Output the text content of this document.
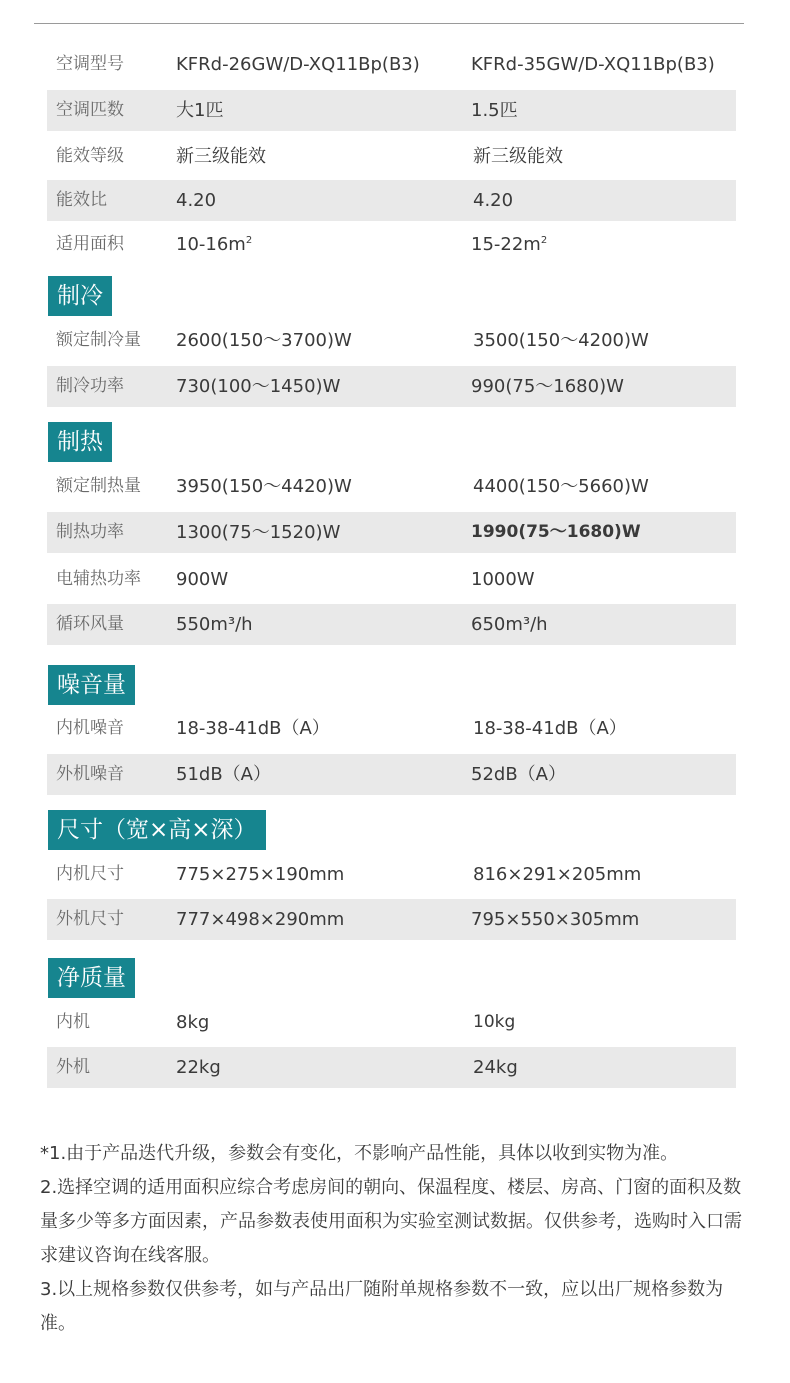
空调型号	KFRd-26GW/D-XQ11Bp(B3)	KFRd-35GW/D-XQ11Bp(B3)
空调匹数	大1匹	1.5匹
能效等级	新三级能效	新三级能效
能效比	4.20	4.20
适用面积	$10-16m^2$	$15-22m^2$
制冷
额定制冷量 2600(150～3700)W	3500(150～4200)W
制冷功率	730(100～1450)W	990(75～1680)W
制热
额定制热量 3950(150～4420)W	4400(150～5660)W
制热功率	1300(75～1520)W	1990(75～1680)W
电辅热功率 900W	1000W
循环风量	550m³/h	650m³/h
噪音量
内机噪音	18-38-41dB（A）	18-38-41dB（A）
外机噪音	51dB（A）	52dB（A）
尺寸（宽×高×深）
内机尺寸	775×275×190mm	816×291×205mm
外机尺寸	777×498×290mm	795×550×305mm
净质量
内机	8kg	10kg
外机	22kg	24kg

*1.由于产品迭代升级，参数会有变化，不影响产品性能，具体以收到实物为准。

2.选择空调的适用面积应综合考虑房间的朝向、保温程度、楼层、房高、门窗的面积及数量多少等多方面因素，产品参数表使用面积为实验室测试数据。仅供参考，选购时入口需求建议咨询在线客服。

3.以上规格参数仅供参考，如与产品出厂随附单规格参数不一致，应以出厂规格参数为准。
